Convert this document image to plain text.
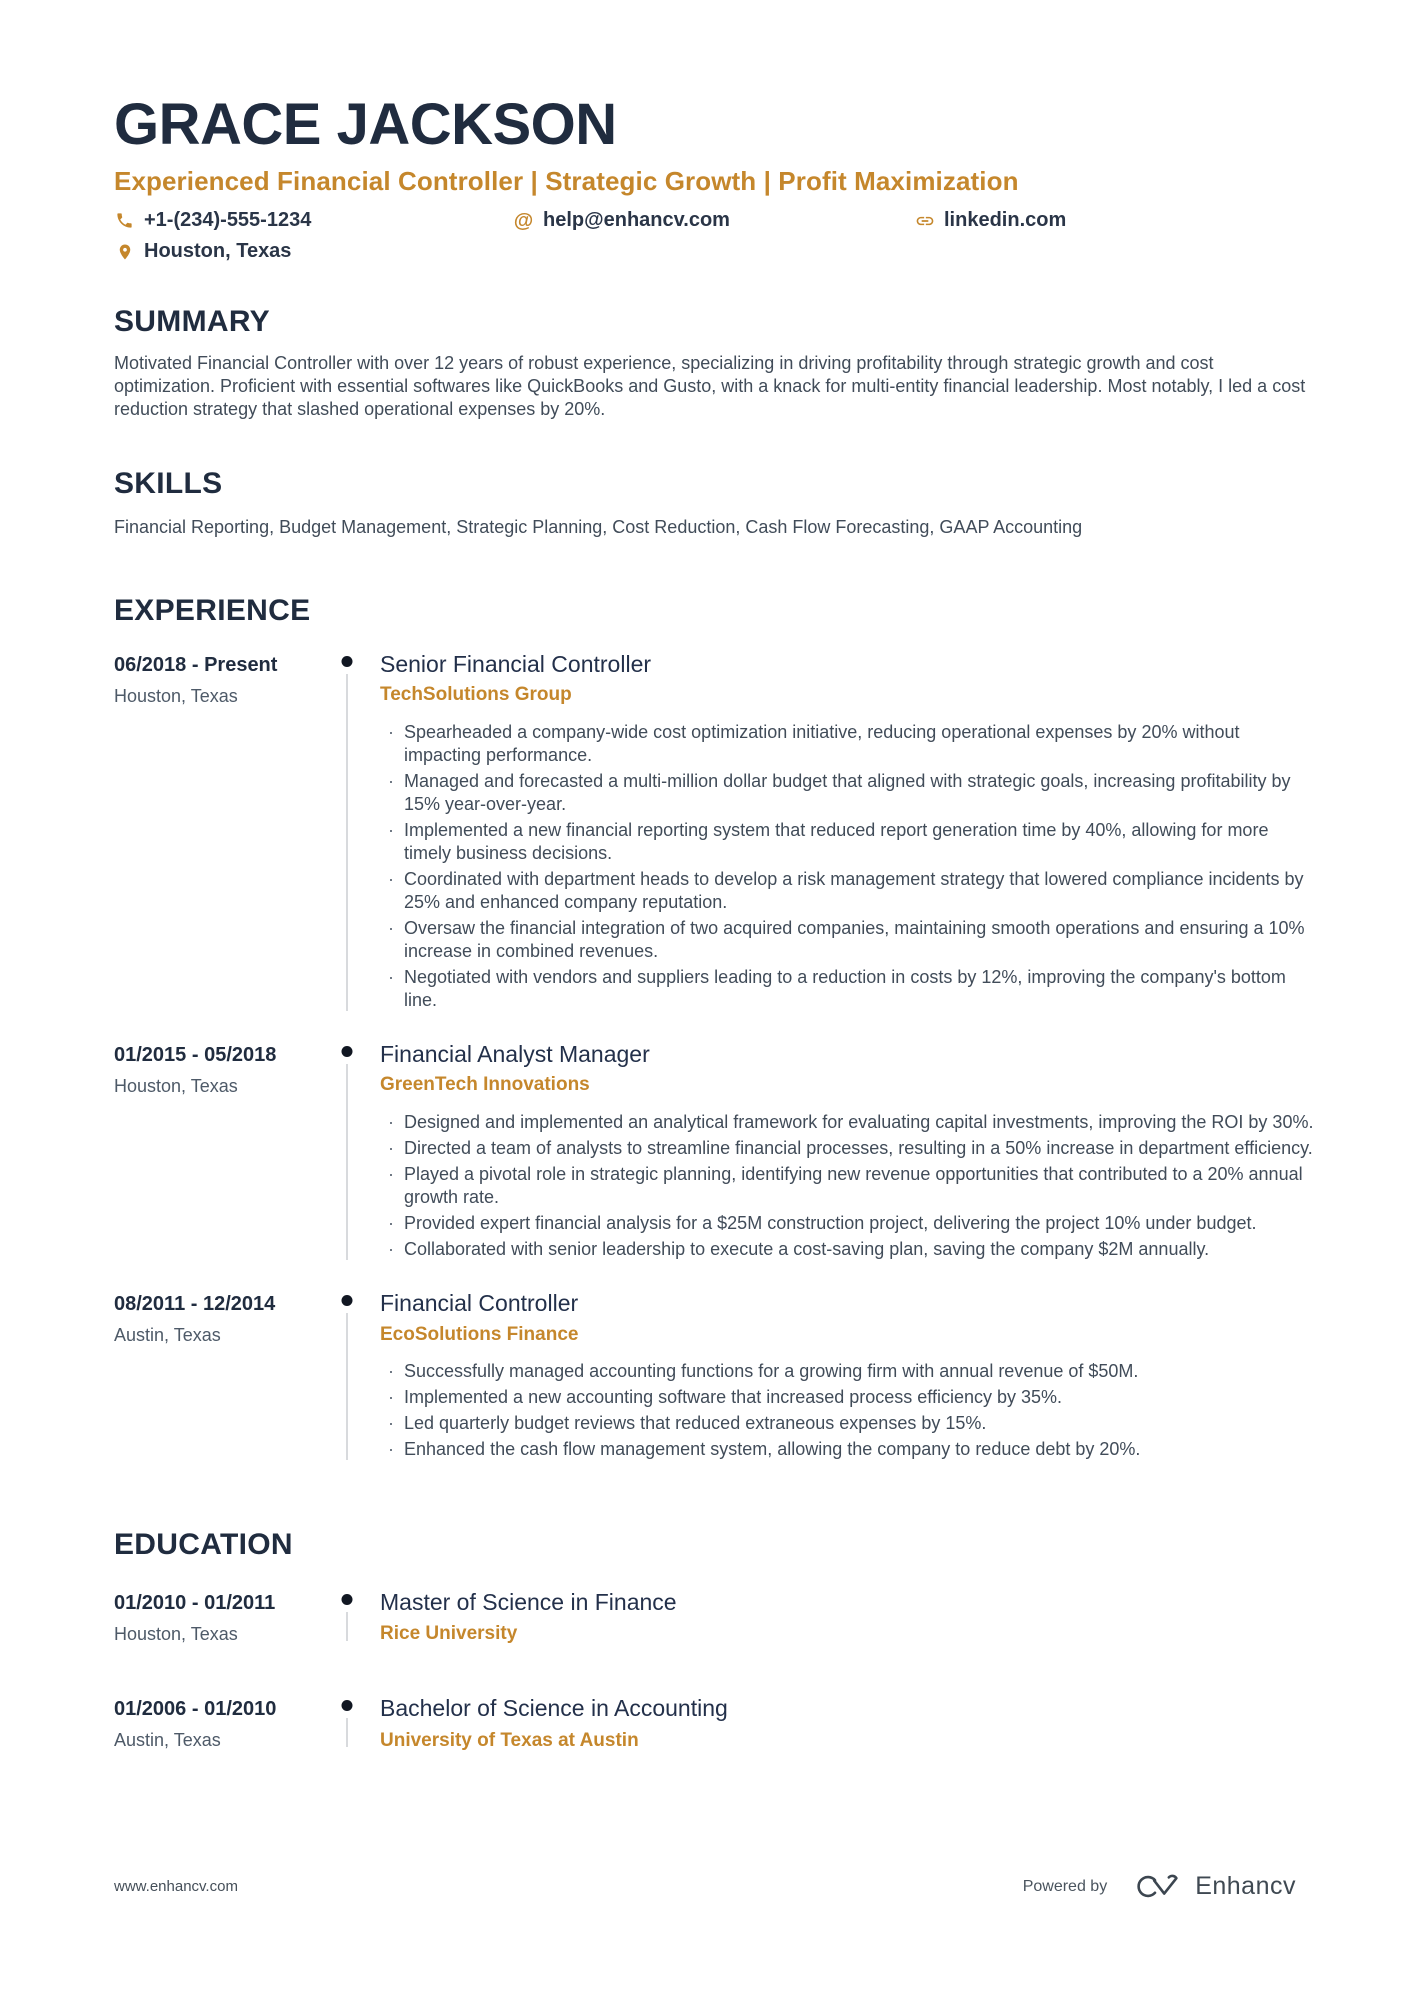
GRACE JACKSON
Experienced Financial Controller | Strategic Growth | Profit Maximization
+1-(234)-555-1234	@ help@enhancv.com	linkedin.com
Houston, Texas
SUMMARY
Motivated Financial Controller with over 12 years of robust experience, specializing in driving profitability through strategic growth and cost optimization. Proficient with essential softwares like QuickBooks and Gusto, with a knack for multi-entity financial leadership. Most notably, I led a cost reduction strategy that slashed operational expenses by 20%.
SKILLS
Financial Reporting, Budget Management, Strategic Planning, Cost Reduction, Cash Flow Forecasting, GAAP Accounting
EXPERIENCE
06/2018 - Present
Houston, Texas
Senior Financial Controller
TechSolutions Group
· Spearheaded a company-wide cost optimization initiative, reducing operational expenses by 20% without impacting performance.
· Managed and forecasted a multi-million dollar budget that aligned with strategic goals, increasing profitability by 15% year-over-year.
· Implemented a new financial reporting system that reduced report generation time by 40%, allowing for more timely business decisions.
· Coordinated with department heads to develop a risk management strategy that lowered compliance incidents by 25% and enhanced company reputation.
· Oversaw the financial integration of two acquired companies, maintaining smooth operations and ensuring a 10% increase in combined revenues.
· Negotiated with vendors and suppliers leading to a reduction in costs by 12%, improving the company's bottom line.
01/2015 - 05/2018
Houston, Texas
Financial Analyst Manager
GreenTech Innovations
· Designed and implemented an analytical framework for evaluating capital investments, improving the ROI by 30%.
· Directed a team of analysts to streamline financial processes, resulting in a 50% increase in department efficiency.
· Played a pivotal role in strategic planning, identifying new revenue opportunities that contributed to a 20% annual growth rate.
· Provided expert financial analysis for a $25M construction project, delivering the project 10% under budget.
· Collaborated with senior leadership to execute a cost-saving plan, saving the company $2M annually.
08/2011 - 12/2014
Austin, Texas
Financial Controller
EcoSolutions Finance
· Successfully managed accounting functions for a growing firm with annual revenue of $50M.
· Implemented a new accounting software that increased process efficiency by 35%.
· Led quarterly budget reviews that reduced extraneous expenses by 15%.
· Enhanced the cash flow management system, allowing the company to reduce debt by 20%.
EDUCATION
01/2010 - 01/2011
Houston, Texas
Master of Science in Finance
Rice University
01/2006 - 01/2010
Austin, Texas
Bachelor of Science in Accounting
University of Texas at Austin
www.enhancv.com	Powered by	Enhancv
